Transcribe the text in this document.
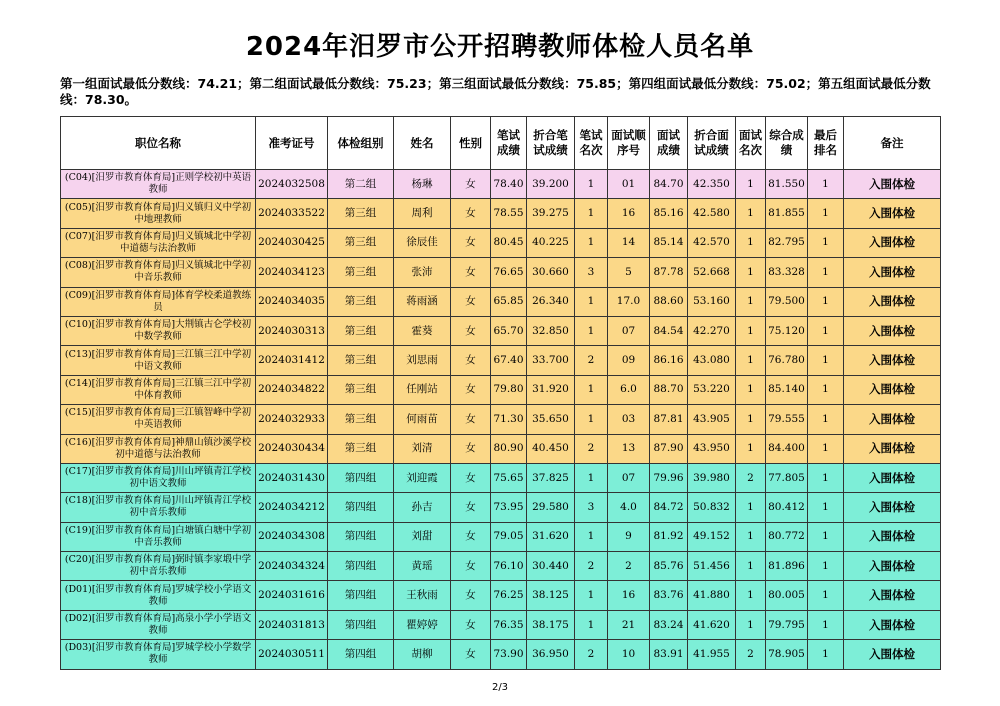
2024年汨罗市公开招聘教师体检人员名单
第一组面试最低分数线：74.21；第二组面试最低分数线：75.23；第三组面试最低分数线：75.85；第四组面试最低分数线：75.02；第五组面试最低分数线：78.30。
职位名称	准考证号	体检组别	姓名	性别	笔试成绩	折合笔试成绩	笔试名次	面试顺序号	面试成绩	折合面试成绩	面试名次	综合成绩	最后排名	备注
(C04)[汨罗市教育体育局]正则学校初中英语教师	2024032508	第二组	杨琳	女	78.40	39.200	1	01	84.70	42.350	1	81.550	1	入围体检
(C05)[汨罗市教育体育局]归义镇归义中学初中地理教师	2024033522	第三组	周利	女	78.55	39.275	1	16	85.16	42.580	1	81.855	1	入围体检
(C07)[汨罗市教育体育局]归义镇城北中学初中道德与法治教师	2024030425	第三组	徐辰佳	女	80.45	40.225	1	14	85.14	42.570	1	82.795	1	入围体检
(C08)[汨罗市教育体育局]归义镇城北中学初中音乐教师	2024034123	第三组	张沛	女	76.65	30.660	3	5	87.78	52.668	1	83.328	1	入围体检
(C09)[汨罗市教育体育局]体育学校柔道教练员	2024034035	第三组	蒋雨涵	女	65.85	26.340	1	17.0	88.60	53.160	1	79.500	1	入围体检
(C10)[汨罗市教育体育局]大荆镇古仑学校初中数学教师	2024030313	第三组	霍葵	女	65.70	32.850	1	07	84.54	42.270	1	75.120	1	入围体检
(C13)[汨罗市教育体育局]三江镇三江中学初中语文教师	2024031412	第三组	刘思雨	女	67.40	33.700	2	09	86.16	43.080	1	76.780	1	入围体检
(C14)[汨罗市教育体育局]三江镇三江中学初中体育教师	2024034822	第三组	任刚站	女	79.80	31.920	1	6.0	88.70	53.220	1	85.140	1	入围体检
(C15)[汨罗市教育体育局]三江镇智峰中学初中英语教师	2024032933	第三组	何雨苗	女	71.30	35.650	1	03	87.81	43.905	1	79.555	1	入围体检
(C16)[汨罗市教育体育局]神鼎山镇沙溪学校初中道德与法治教师	2024030434	第三组	刘清	女	80.90	40.450	2	13	87.90	43.950	1	84.400	1	入围体检
(C17)[汨罗市教育体育局]川山坪镇青江学校初中语文教师	2024031430	第四组	刘迎霞	女	75.65	37.825	1	07	79.96	39.980	2	77.805	1	入围体检
(C18)[汨罗市教育体育局]川山坪镇青江学校初中音乐教师	2024034212	第四组	孙吉	女	73.95	29.580	3	4.0	84.72	50.832	1	80.412	1	入围体检
(C19)[汨罗市教育体育局]白塘镇白塘中学初中音乐教师	2024034308	第四组	刘甜	女	79.05	31.620	1	9	81.92	49.152	1	80.772	1	入围体检
(C20)[汨罗市教育体育局]弼时镇李家塅中学初中音乐教师	2024034324	第四组	黄瑶	女	76.10	30.440	2	2	85.76	51.456	1	81.896	1	入围体检
(D01)[汨罗市教育体育局]罗城学校小学语文教师	2024031616	第四组	王秋雨	女	76.25	38.125	1	16	83.76	41.880	1	80.005	1	入围体检
(D02)[汨罗市教育体育局]高泉小学小学语文教师	2024031813	第四组	瞿婷婷	女	76.35	38.175	1	21	83.24	41.620	1	79.795	1	入围体检
(D03)[汨罗市教育体育局]罗城学校小学数学教师	2024030511	第四组	胡柳	女	73.90	36.950	2	10	83.91	41.955	2	78.905	1	入围体检
2/3
